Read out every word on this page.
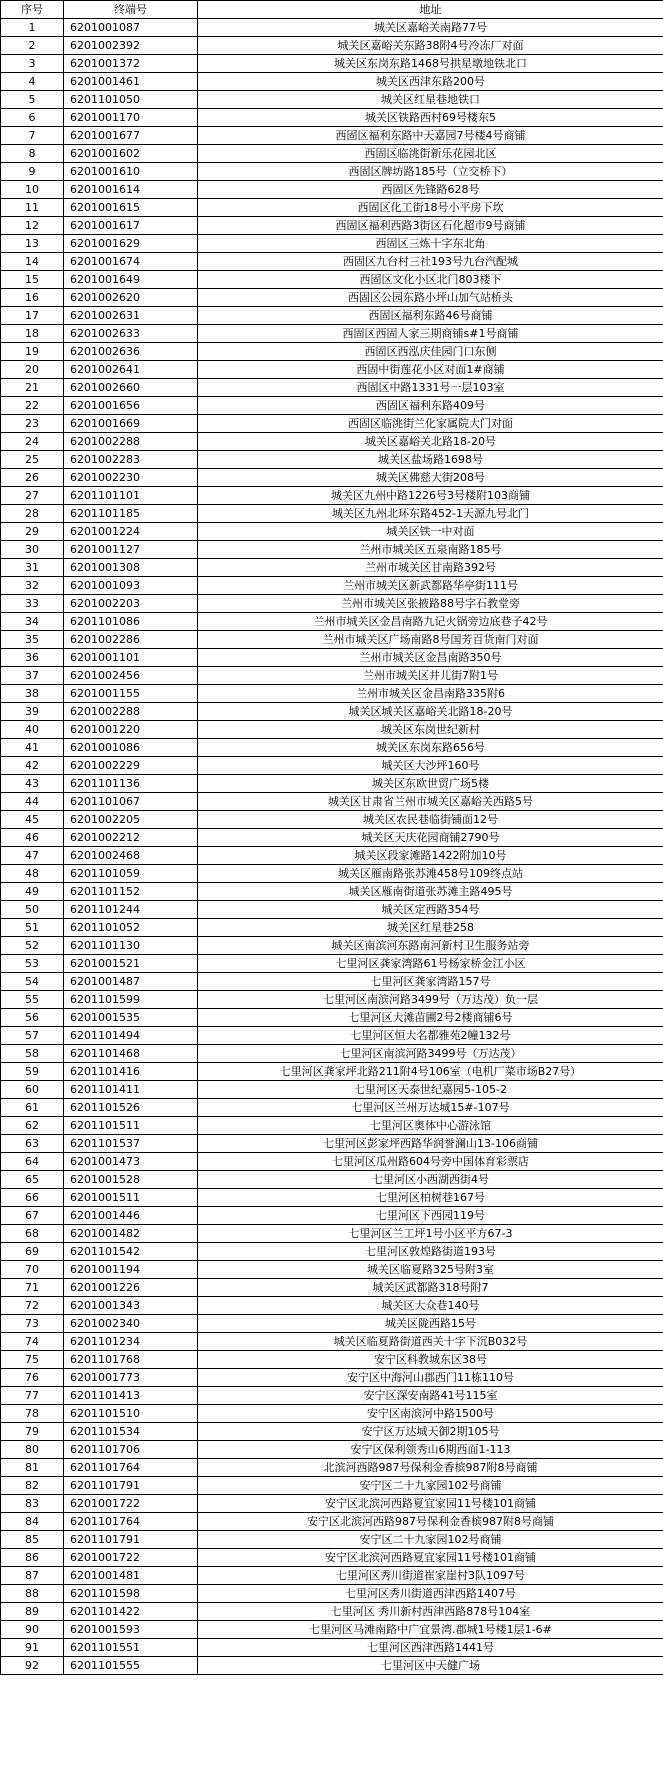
序号	终端号	地址
1	6201001087	城关区嘉峪关南路77号
2	6201002392	城关区嘉峪关东路38附4号冷冻厂对面
3	6201001372	城关区东岗东路1468号拱星墩地铁北口
4	6201001461	城关区西津东路200号
5	6201101050	城关区红星巷地铁口
6	6201001170	城关区铁路西村69号楼东5
7	6201001677	西固区福利东路中天嘉园7号楼4号商铺
8	6201001602	西固区临洮街新乐花园北区
9	6201001610	西固区牌坊路185号（立交桥下）
10	6201001614	西固区先锋路628号
11	6201001615	西固区化工街18号小平房下坎
12	6201001617	西固区福利西路3街区石化超市9号商铺
13	6201001629	西固区三炼十字东北角
14	6201001674	西固区九台村三社193号九台汽配城
15	6201001649	西固区文化小区北门803楼下
16	6201002620	西固区公园东路小坪山加气站桥头
17	6201002631	西固区福利东路46号商铺
18	6201002633	西固区西固人家三期商铺s#1号商铺
19	6201002636	西固区西泓庆佳园门口东侧
20	6201002641	西固中街莲花小区对面1#商铺
21	6201002660	西固区中路1331号一层103室
22	6201001656	西固区福利东路409号
23	6201001669	西固区临洮街兰化家属院大门对面
24	6201002288	城关区嘉峪关北路18-20号
25	6201002283	城关区盐场路1698号
26	6201002230	城关区佛慈大街208号
27	6201101101	城关区九州中路1226号3号楼附103商铺
28	6201101185	城关区九州北环东路452-1天源九号北门
29	6201001224	城关区铁一中对面
30	6201001127	兰州市城关区五泉南路185号
31	6201001308	兰州市城关区甘南路392号
32	6201001093	兰州市城关区新武都路华亭街111号
33	6201002203	兰州市城关区张掖路88号字石教堂旁
34	6201101086	兰州市城关区金昌南路九记火锅旁边底巷子42号
35	6201002286	兰州市城关区广场南路8号国芳百货南门对面
36	6201001101	兰州市城关区金昌南路350号
37	6201002456	兰州市城关区井儿街7附1号
38	6201001155	兰州市城关区金昌南路335附6
39	6201002288	城关区城关区嘉峪关北路18-20号
40	6201001220	城关区东岗世纪新村
41	6201001086	城关区东岗东路656号
42	6201002229	城关区大沙坪160号
43	6201101136	城关区东欧世贸广场5楼
44	6201101067	城关区甘肃省兰州市城关区嘉峪关西路5号
45	6201002205	城关区农民巷临街铺面12号
46	6201002212	城关区天庆花园商铺2790号
47	6201002468	城关区段家滩路1422附加10号
48	6201101059	城关区雁南路张苏滩458号109终点站
49	6201101152	城关区雁南街道张苏滩主路495号
50	6201101244	城关区定西路354号
51	6201101052	城关区红星巷258
52	6201101130	城关区南滨河东路南河新村卫生服务站旁
53	6201001521	七里河区龚家湾路61号杨家桥金江小区
54	6201001487	七里河区龚家湾路157号
55	6201101599	七里河区南滨河路3499号（万达茂）负一层
56	6201001535	七里河区大滩苗圃2号2楼商铺6号
57	6201101494	七里河区恒大名都雅苑2幢132号
58	6201101468	七里河区南滨河路3499号（万达茂）
59	6201101416	七里河区龚家坪北路211附4号106室（电机厂菜市场B27号）
60	6201101411	七里河区天泰世纪嘉园5-105-2
61	6201101526	七里河区兰州万达城15#-107号
62	6201101511	七里河区奥体中心游泳馆
63	6201101537	七里河区彭家坪西路华润誉澜山13-106商铺
64	6201001473	七里河区瓜州路604号旁中国体育彩票店
65	6201001528	七里河区小西湖西街4号
66	6201001511	七里河区柏树巷167号
67	6201001446	七里河区下西园119号
68	6201001482	七里河区兰工坪1号小区平方67-3
69	6201101542	七里河区敦煌路街道193号
70	6201001194	城关区临夏路325号附3室
71	6201001226	城关区武都路318号附7
72	6201001343	城关区大众巷140号
73	6201002340	城关区陇西路15号
74	6201101234	城关区临夏路街道西关十字下沉B032号
75	6201101768	安宁区科教城东区38号
76	6201001773	安宁区中海河山郡西门11栋110号
77	6201101413	安宁区深安南路41号115室
78	6201101510	安宁区南滨河中路1500号
79	6201101534	安宁区万达城天御2期105号
80	6201101706	安宁区保利领秀山6期西面1-113
81	6201101764	北滨河西路987号保利金香槟987附8号商铺
82	6201101791	安宁区二十九家园102号商铺
83	6201001722	安宁区北滨河西路夏宜家园11号楼101商铺
84	6201101764	安宁区北滨河西路987号保利金香槟987附8号商铺
85	6201101791	安宁区二十九家园102号商铺
86	6201001722	安宁区北滨河西路夏宜家园11号楼101商铺
87	6201001481	七里河区秀川街道崔家崖村3队1097号
88	6201101598	七里河区秀川街道西津西路1407号
89	6201101422	七里河区 秀川新村西津西路878号104室
90	6201001593	七里河区马滩南路中广宜景湾.郡城1号楼1层1-6#
91	6201101551	七里河区西津西路1441号
92	6201101555	七里河区中天健广场
